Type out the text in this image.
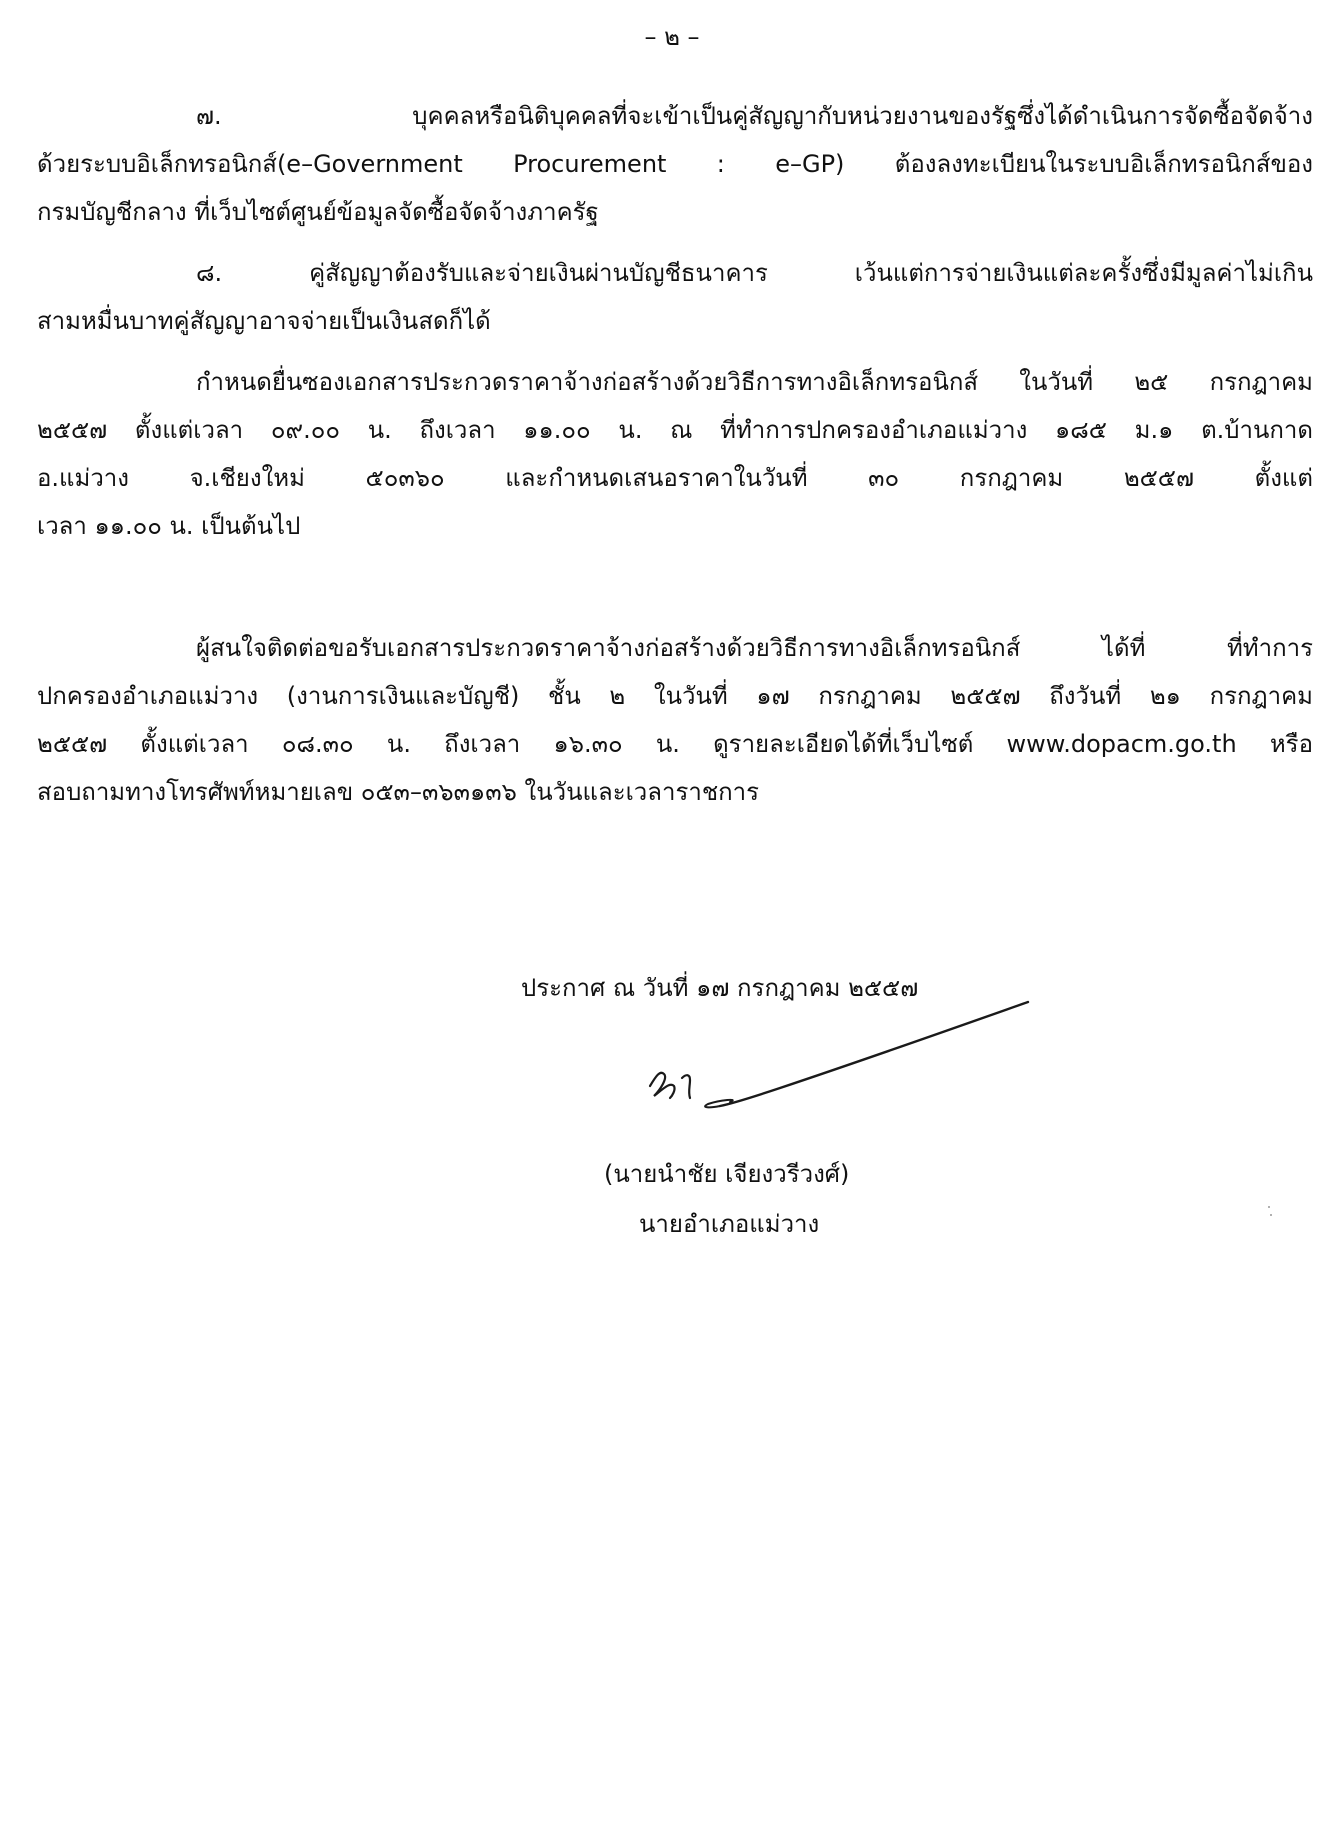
– ๒ –
๗. บุคคลหรือนิติบุคคลที่จะเข้าเป็นคู่สัญญากับหน่วยงานของรัฐซึ่งได้ดำเนินการจัดซื้อจัดจ้าง
ด้วยระบบอิเล็กทรอนิกส์(e–Government Procurement : e–GP) ต้องลงทะเบียนในระบบอิเล็กทรอนิกส์ของ
กรมบัญชีกลาง ที่เว็บไซต์ศูนย์ข้อมูลจัดซื้อจัดจ้างภาครัฐ
๘. คู่สัญญาต้องรับและจ่ายเงินผ่านบัญชีธนาคาร เว้นแต่การจ่ายเงินแต่ละครั้งซึ่งมีมูลค่าไม่เกิน
สามหมื่นบาทคู่สัญญาอาจจ่ายเป็นเงินสดก็ได้
กำหนดยื่นซองเอกสารประกวดราคาจ้างก่อสร้างด้วยวิธีการทางอิเล็กทรอนิกส์ ในวันที่ ๒๕ กรกฎาคม
๒๕๕๗ ตั้งแต่เวลา ๐๙.๐๐ น. ถึงเวลา ๑๑.๐๐ น. ณ ที่ทำการปกครองอำเภอแม่วาง ๑๘๕ ม.๑ ต.บ้านกาด
อ.แม่วาง จ.เชียงใหม่ ๕๐๓๖๐ และกำหนดเสนอราคาในวันที่ ๓๐ กรกฎาคม ๒๕๕๗ ตั้งแต่
เวลา ๑๑.๐๐ น. เป็นต้นไป
ผู้สนใจติดต่อขอรับเอกสารประกวดราคาจ้างก่อสร้างด้วยวิธีการทางอิเล็กทรอนิกส์ ได้ที่ ที่ทำการ
ปกครองอำเภอแม่วาง (งานการเงินและบัญชี) ชั้น ๒ ในวันที่ ๑๗ กรกฎาคม ๒๕๕๗ ถึงวันที่ ๒๑ กรกฎาคม
๒๕๕๗ ตั้งแต่เวลา ๐๘.๓๐ น. ถึงเวลา ๑๖.๓๐ น. ดูรายละเอียดได้ที่เว็บไซต์ www.dopacm.go.th หรือ
สอบถามทางโทรศัพท์หมายเลข ๐๕๓–๓๖๓๑๓๖ ในวันและเวลาราชการ
ประกาศ ณ วันที่ ๑๗ กรกฎาคม ๒๕๕๗
(นายนำชัย เจียงวรีวงศ์)
นายอำเภอแม่วาง
